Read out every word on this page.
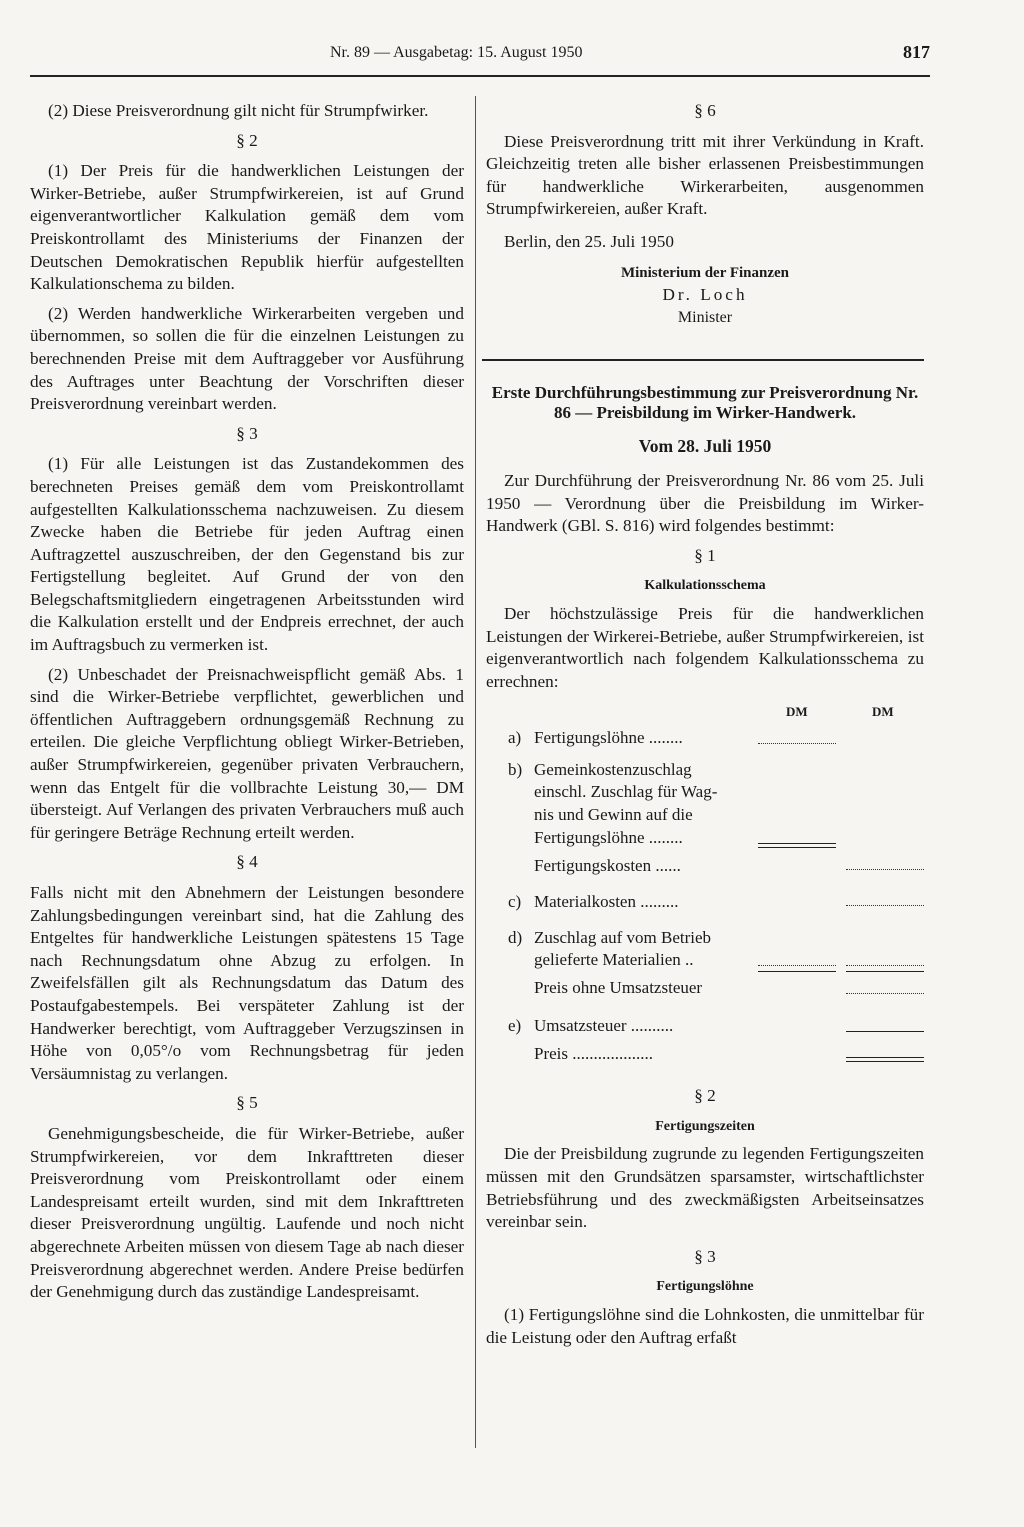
Nr. 89 — Ausgabetag: 15. August 1950	817

(2) Diese Preisverordnung gilt nicht für Strumpfwirker.

§ 2

(1) Der Preis für die handwerklichen Leistungen der Wirker-Betriebe, außer Strumpfwirkereien, ist auf Grund eigenverantwortlicher Kalkulation gemäß dem vom Preiskontrollamt des Ministeriums der Finanzen der Deutschen Demokratischen Republik hierfür aufgestellten Kalkulationschema zu bilden.

(2) Werden handwerkliche Wirkerarbeiten vergeben und übernommen, so sollen die für die einzelnen Leistungen zu berechnenden Preise mit dem Auftraggeber vor Ausführung des Auftrages unter Beachtung der Vorschriften dieser Preisverordnung vereinbart werden.

§ 3

(1) Für alle Leistungen ist das Zustandekommen des berechneten Preises gemäß dem vom Preiskontrollamt aufgestellten Kalkulationsschema nachzuweisen. Zu diesem Zwecke haben die Betriebe für jeden Auftrag einen Auftragzettel auszuschreiben, der den Gegenstand bis zur Fertigstellung begleitet. Auf Grund der von den Belegschaftsmitgliedern eingetragenen Arbeitsstunden wird die Kalkulation erstellt und der Endpreis errechnet, der auch im Auftragsbuch zu vermerken ist.

(2) Unbeschadet der Preisnachweispflicht gemäß Abs. 1 sind die Wirker-Betriebe verpflichtet, gewerblichen und öffentlichen Auftraggebern ordnungsgemäß Rechnung zu erteilen. Die gleiche Verpflichtung obliegt Wirker-Betrieben, außer Strumpfwirkereien, gegenüber privaten Verbrauchern, wenn das Entgelt für die vollbrachte Leistung 30,— DM übersteigt. Auf Verlangen des privaten Verbrauchers muß auch für geringere Beträge Rechnung erteilt werden.

§ 4

Falls nicht mit den Abnehmern der Leistungen besondere Zahlungsbedingungen vereinbart sind, hat die Zahlung des Entgeltes für handwerkliche Leistungen spätestens 15 Tage nach Rechnungsdatum ohne Abzug zu erfolgen. In Zweifelsfällen gilt als Rechnungsdatum das Datum des Postaufgabestempels. Bei verspäteter Zahlung ist der Handwerker berechtigt, vom Auftraggeber Verzugszinsen in Höhe von 0,05°/o vom Rechnungsbetrag für jeden Versäumnistag zu verlangen.

§ 5

Genehmigungsbescheide, die für Wirker-Betriebe, außer Strumpfwirkereien, vor dem Inkrafttreten dieser Preisverordnung vom Preiskontrollamt oder einem Landespreisamt erteilt wurden, sind mit dem Inkrafttreten dieser Preisverordnung ungültig. Laufende und noch nicht abgerechnete Arbeiten müssen von diesem Tage ab nach dieser Preisverordnung abgerechnet werden. Andere Preise bedürfen der Genehmigung durch das zuständige Landespreisamt.

§ 6

Diese Preisverordnung tritt mit ihrer Verkündung in Kraft. Gleichzeitig treten alle bisher erlassenen Preisbestimmungen für handwerkliche Wirkerarbeiten, ausgenommen Strumpfwirkereien, außer Kraft.

Berlin, den 25. Juli 1950

Ministerium der Finanzen
Dr. Loch
Minister
Erste Durchführungsbestimmung zur Preisverordnung Nr. 86 — Preisbildung im Wirker-Handwerk.
Vom 28. Juli 1950

Zur Durchführung der Preisverordnung Nr. 86 vom 25. Juli 1950 — Verordnung über die Preisbildung im Wirker-Handwerk (GBl. S. 816) wird folgendes bestimmt:

§ 1
Kalkulationsschema

Der höchstzulässige Preis für die handwerklichen Leistungen der Wirkerei-Betriebe, außer Strumpfwirkereien, ist eigenverantwortlich nach folgendem Kalkulationsschema zu errechnen:

DM	DM
a) Fertigungslöhne ........
b) Gemeinkostenzuschlag
einschl. Zuschlag für Wag-
nis und Gewinn auf die
Fertigungslöhne ........
Fertigungskosten ......
c) Materialkosten .........
d) Zuschlag auf vom Betrieb
gelieferte Materialien ..
Preis ohne Umsatzsteuer
e) Umsatzsteuer ..........
Preis ...................
§ 2
Fertigungszeiten

Die der Preisbildung zugrunde zu legenden Fertigungszeiten müssen mit den Grundsätzen sparsamster, wirtschaftlichster Betriebsführung und des zweckmäßigsten Arbeitseinsatzes vereinbar sein.

§ 3
Fertigungslöhne

(1) Fertigungslöhne sind die Lohnkosten, die unmittelbar für die Leistung oder den Auftrag erfaßt
